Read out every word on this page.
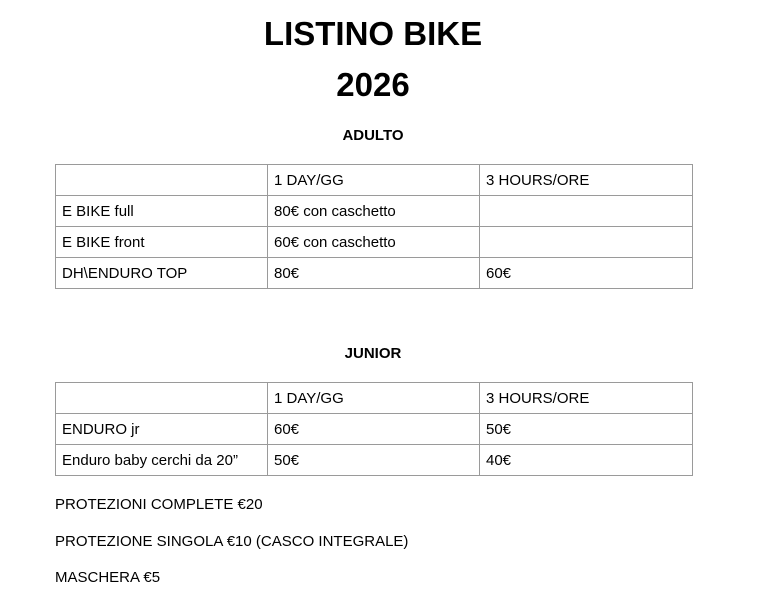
LISTINO BIKE
2026
ADULTO
	1 DAY/GG	3 HOURS/ORE
E BIKE full	80€ con caschetto	
E BIKE front	60€ con caschetto	
DH\ENDURO TOP	80€	60€
JUNIOR
	1 DAY/GG	3 HOURS/ORE
ENDURO jr	60€	50€
Enduro baby cerchi da 20”	50€	40€

PROTEZIONI COMPLETE €20

PROTEZIONE SINGOLA €10 (CASCO INTEGRALE)

MASCHERA €5
